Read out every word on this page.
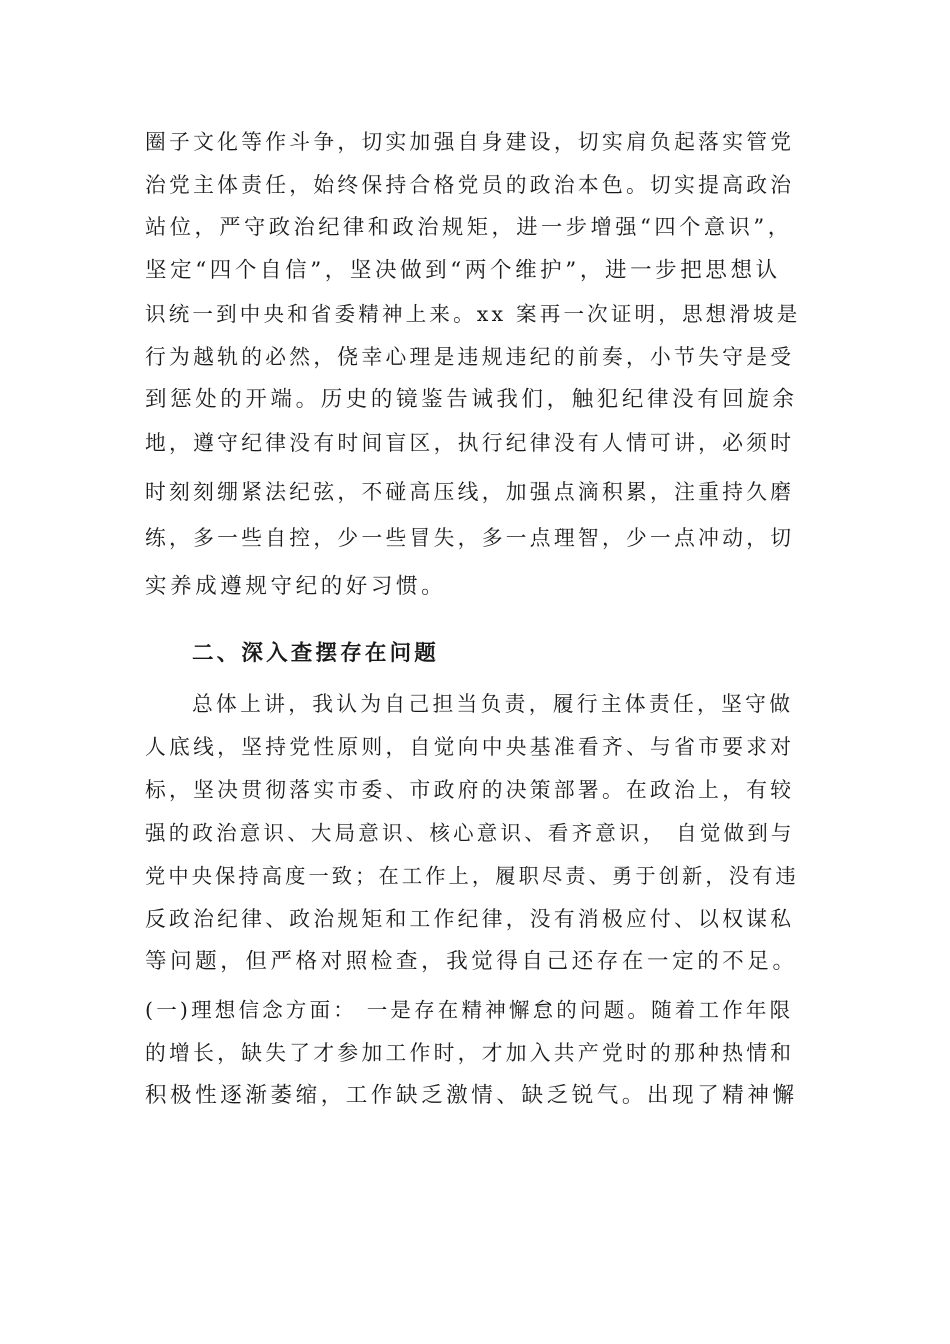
圈子文化等作斗争，切实加强自身建设，切实肩负起落实管党
治党主体责任，始终保持合格党员的政治本色。切实提高政治
站位，严守政治纪律和政治规矩，进一步增强“四个意识”，
坚定“四个自信”，坚决做到“两个维护”，进一步把思想认
识统一到中央和省委精神上来。xx 案再一次证明，思想滑坡是
行为越轨的必然，侥幸心理是违规违纪的前奏，小节失守是受
到惩处的开端。历史的镜鉴告诫我们，触犯纪律没有回旋余
地，遵守纪律没有时间盲区，执行纪律没有人情可讲，必须时
时刻刻绷紧法纪弦，不碰高压线，加强点滴积累，注重持久磨
练，多一些自控，少一些冒失，多一点理智，少一点冲动，切
实养成遵规守纪的好习惯。
二、深入查摆存在问题
总体上讲，我认为自己担当负责，履行主体责任，坚守做
人底线，坚持党性原则，自觉向中央基准看齐、与省市要求对
标，坚决贯彻落实市委、市政府的决策部署。在政治上，有较
强的政治意识、大局意识、核心意识、看齐意识， 自觉做到与
党中央保持高度一致；在工作上，履职尽责、勇于创新，没有违
反政治纪律、政治规矩和工作纪律，没有消极应付、以权谋私
等问题，但严格对照检查，我觉得自己还存在一定的不足。
(一)理想信念方面： 一是存在精神懈怠的问题。随着工作年限
的增长，缺失了才参加工作时，才加入共产党时的那种热情和
积极性逐渐萎缩，工作缺乏激情、缺乏锐气。出现了精神懈
